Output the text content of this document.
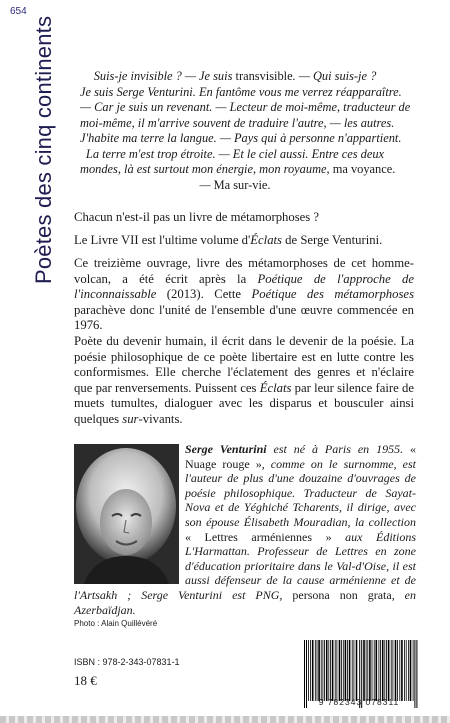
654
Poètes des cinq continents	Suis-je invisible ? — Je suis transvisible. — Qui suis-je ?
Je suis Serge Venturini. En fantôme vous me verrez réapparaître.
— Car je suis un revenant. — Lecteur de moi-même, traducteur de
moi-même, il m'arrive souvent de traduire l'autre, — les autres.
J'habite ma terre la langue. — Pays qui à personne n'appartient.
La terre m'est trop étroite. — Et le ciel aussi. Entre ces deux
mondes, là est surtout mon énergie, mon royaume, ma voyance.
— Ma sur-vie.
Chacun n'est-il pas un livre de métamorphoses ?
Le Livre VII est l'ultime volume d'Éclats de Serge Venturini.
Ce treizième ouvrage, livre des métamorphoses de cet homme-volcan, a été écrit après la Poétique de l'approche de l'inconnaissable (2013). Cette Poétique des métamorphoses parachève donc l'unité de l'ensemble d'une œuvre commencée en 1976.
Poète du devenir humain, il écrit dans le devenir de la poésie. La poésie philosophique de ce poète libertaire est en lutte contre les conformismes. Elle cherche l'éclatement des genres et n'éclaire que par renversements. Puissent ces Éclats par leur silence faire de muets tumultes, dialoguer avec les disparus et bousculer ainsi quelques sur-vivants.
Serge Venturini est né à Paris en 1955. « Nuage rouge », comme on le surnomme, est l'auteur de plus d'une douzaine d'ouvrages de poésie philosophique. Traducteur de Sayat-Nova et de Yéghiché Tcharents, il dirige, avec son épouse Élisabeth Mouradian, la collection « Lettres arméniennes » aux Éditions L'Harmattan. Professeur de Lettres en zone d'éducation prioritaire dans le Val-d'Oise, il est aussi défenseur de la cause arménienne et de l'Artsakh ; Serge Venturini est PNG, persona non grata, en Azerbaïdjan.
Photo : Alain Quillévéré
ISBN : 978-2-343-07831-1
18 €
9 782343 078311
